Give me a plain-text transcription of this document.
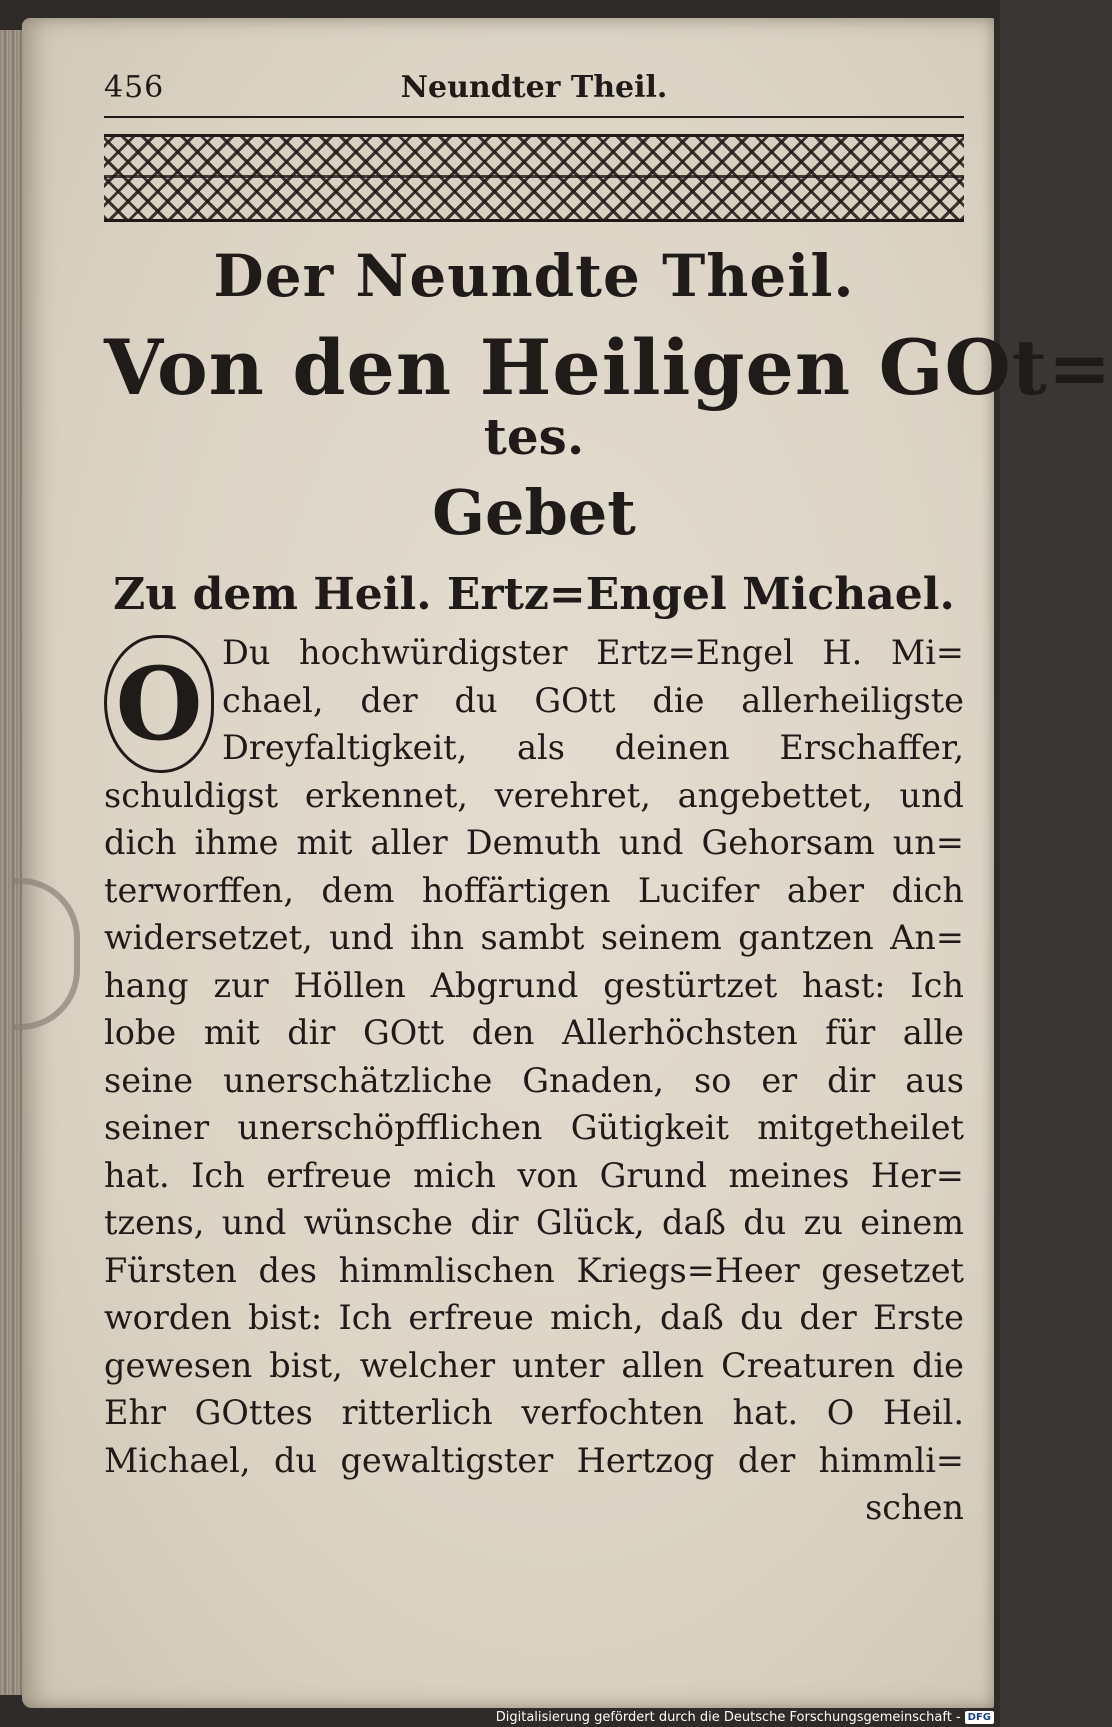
456	Neundter Theil.
Der Neundte Theil.
Von den Heiligen GOt=
tes.
Gebet
Zu dem Heil. Ertz=Engel Michael.
O Du hochwürdigster Ertz=Engel H. Mi=
chael, der du GOtt die allerheiligste
Dreyfaltigkeit, als deinen Erschaffer,
schuldigst erkennet, verehret, angebettet, und
dich ihme mit aller Demuth und Gehorsam un=
terworffen, dem hoffärtigen Lucifer aber dich
widersetzet, und ihn sambt seinem gantzen An=
hang zur Höllen Abgrund gestürtzet hast: Ich
lobe mit dir GOtt den Allerhöchsten für alle
seine unerschätzliche Gnaden, so er dir aus
seiner unerschöpfflichen Gütigkeit mitgetheilet
hat. Ich erfreue mich von Grund meines Her=
tzens, und wünsche dir Glück, daß du zu einem
Fürsten des himmlischen Kriegs=Heer gesetzet
worden bist: Ich erfreue mich, daß du der Erste
gewesen bist, welcher unter allen Creaturen die
Ehr GOttes ritterlich verfochten hat. O Heil.
Michael, du gewaltigster Hertzog der himmli=
schen
Digitalisierung gefördert durch die Deutsche Forschungsgemeinschaft - DFG
